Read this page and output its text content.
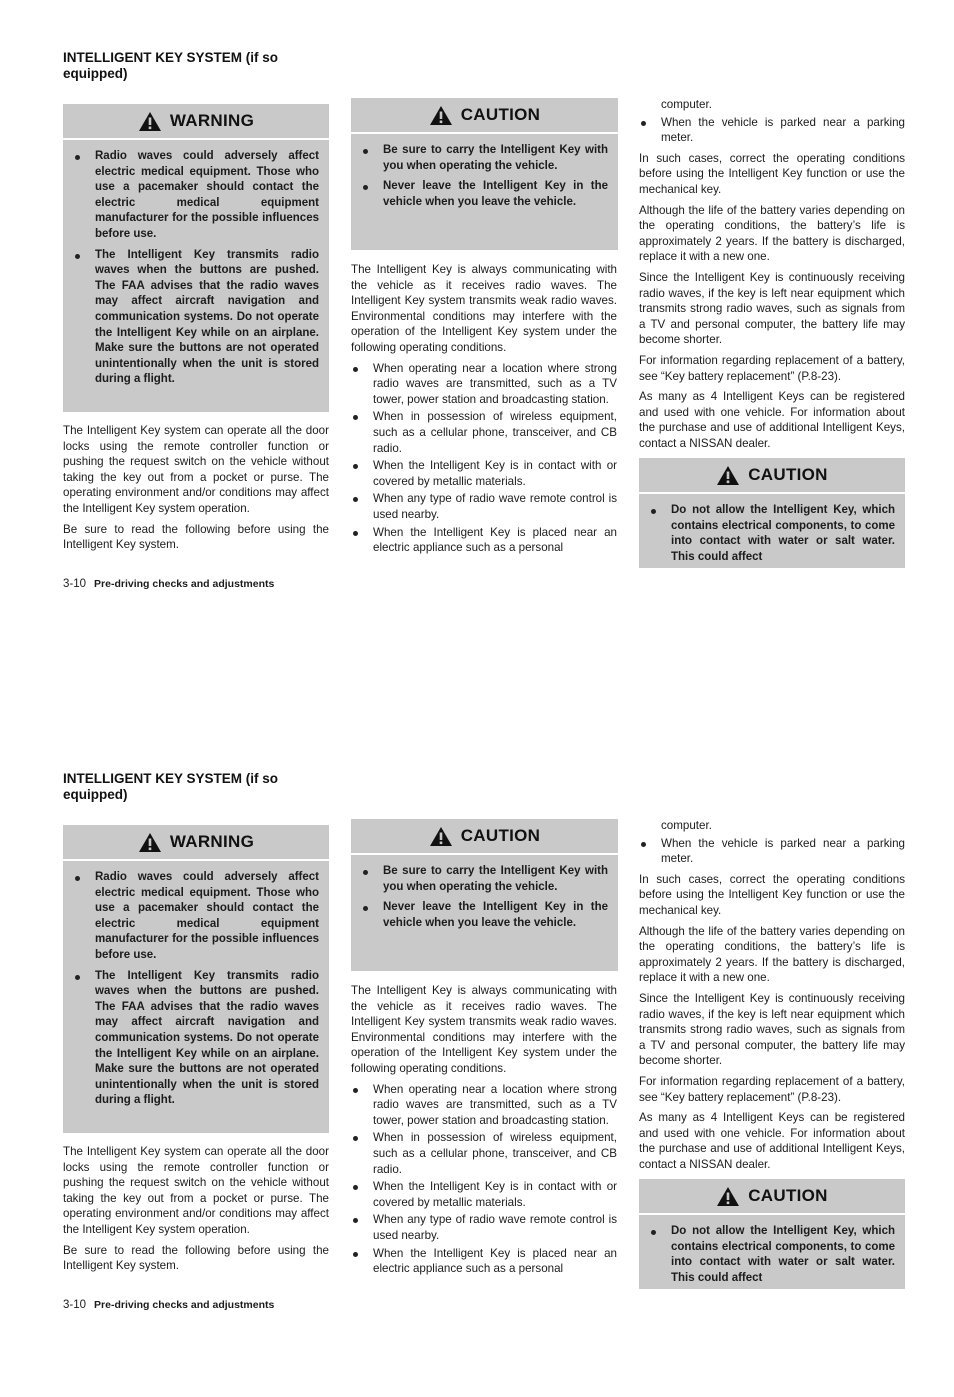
INTELLIGENT KEY SYSTEM (if so equipped)
WARNING
Radio waves could adversely affect electric medical equipment. Those who use a pacemaker should contact the electric medical equipment manufacturer for the possible influences before use.
The Intelligent Key transmits radio waves when the buttons are pushed. The FAA advises that the radio waves may affect aircraft navigation and communication systems. Do not operate the Intelligent Key while on an airplane. Make sure the buttons are not operated unintentionally when the unit is stored during a flight.

The Intelligent Key system can operate all the door locks using the remote controller function or pushing the request switch on the vehicle without taking the key out from a pocket or purse. The operating environment and/or conditions may affect the Intelligent Key system operation.

Be sure to read the following before using the Intelligent Key system.

CAUTION
Be sure to carry the Intelligent Key with you when operating the vehicle.
Never leave the Intelligent Key in the vehicle when you leave the vehicle.

The Intelligent Key is always communicating with the vehicle as it receives radio waves. The Intelligent Key system transmits weak radio waves. Environmental conditions may interfere with the operation of the Intelligent Key system under the following operating conditions.

When operating near a location where strong radio waves are transmitted, such as a TV tower, power station and broadcasting station.
When in possession of wireless equipment, such as a cellular phone, transceiver, and CB radio.
When the Intelligent Key is in contact with or covered by metallic materials.
When any type of radio wave remote control is used nearby.
When the Intelligent Key is placed near an electric appliance such as a personal
computer.
When the vehicle is parked near a parking meter.

In such cases, correct the operating conditions before using the Intelligent Key function or use the mechanical key.

Although the life of the battery varies depending on the operating conditions, the battery’s life is approximately 2 years. If the battery is discharged, replace it with a new one.

Since the Intelligent Key is continuously receiving radio waves, if the key is left near equipment which transmits strong radio waves, such as signals from a TV and personal computer, the battery life may become shorter.

For information regarding replacement of a battery, see “Key battery replacement” (P.8-23).

As many as 4 Intelligent Keys can be registered and used with one vehicle. For information about the purchase and use of additional Intelligent Keys, contact a NISSAN dealer.

CAUTION
Do not allow the Intelligent Key, which contains electrical components, to come into contact with water or salt water. This could affect
3-10 Pre-driving checks and adjustments
INTELLIGENT KEY SYSTEM (if so equipped)
WARNING
Radio waves could adversely affect electric medical equipment. Those who use a pacemaker should contact the electric medical equipment manufacturer for the possible influences before use.
The Intelligent Key transmits radio waves when the buttons are pushed. The FAA advises that the radio waves may affect aircraft navigation and communication systems. Do not operate the Intelligent Key while on an airplane. Make sure the buttons are not operated unintentionally when the unit is stored during a flight.

The Intelligent Key system can operate all the door locks using the remote controller function or pushing the request switch on the vehicle without taking the key out from a pocket or purse. The operating environment and/or conditions may affect the Intelligent Key system operation.

Be sure to read the following before using the Intelligent Key system.

CAUTION
Be sure to carry the Intelligent Key with you when operating the vehicle.
Never leave the Intelligent Key in the vehicle when you leave the vehicle.

The Intelligent Key is always communicating with the vehicle as it receives radio waves. The Intelligent Key system transmits weak radio waves. Environmental conditions may interfere with the operation of the Intelligent Key system under the following operating conditions.

When operating near a location where strong radio waves are transmitted, such as a TV tower, power station and broadcasting station.
When in possession of wireless equipment, such as a cellular phone, transceiver, and CB radio.
When the Intelligent Key is in contact with or covered by metallic materials.
When any type of radio wave remote control is used nearby.
When the Intelligent Key is placed near an electric appliance such as a personal
computer.
When the vehicle is parked near a parking meter.

In such cases, correct the operating conditions before using the Intelligent Key function or use the mechanical key.

Although the life of the battery varies depending on the operating conditions, the battery’s life is approximately 2 years. If the battery is discharged, replace it with a new one.

Since the Intelligent Key is continuously receiving radio waves, if the key is left near equipment which transmits strong radio waves, such as signals from a TV and personal computer, the battery life may become shorter.

For information regarding replacement of a battery, see “Key battery replacement” (P.8-23).

As many as 4 Intelligent Keys can be registered and used with one vehicle. For information about the purchase and use of additional Intelligent Keys, contact a NISSAN dealer.

CAUTION
Do not allow the Intelligent Key, which contains electrical components, to come into contact with water or salt water. This could affect
3-10 Pre-driving checks and adjustments
